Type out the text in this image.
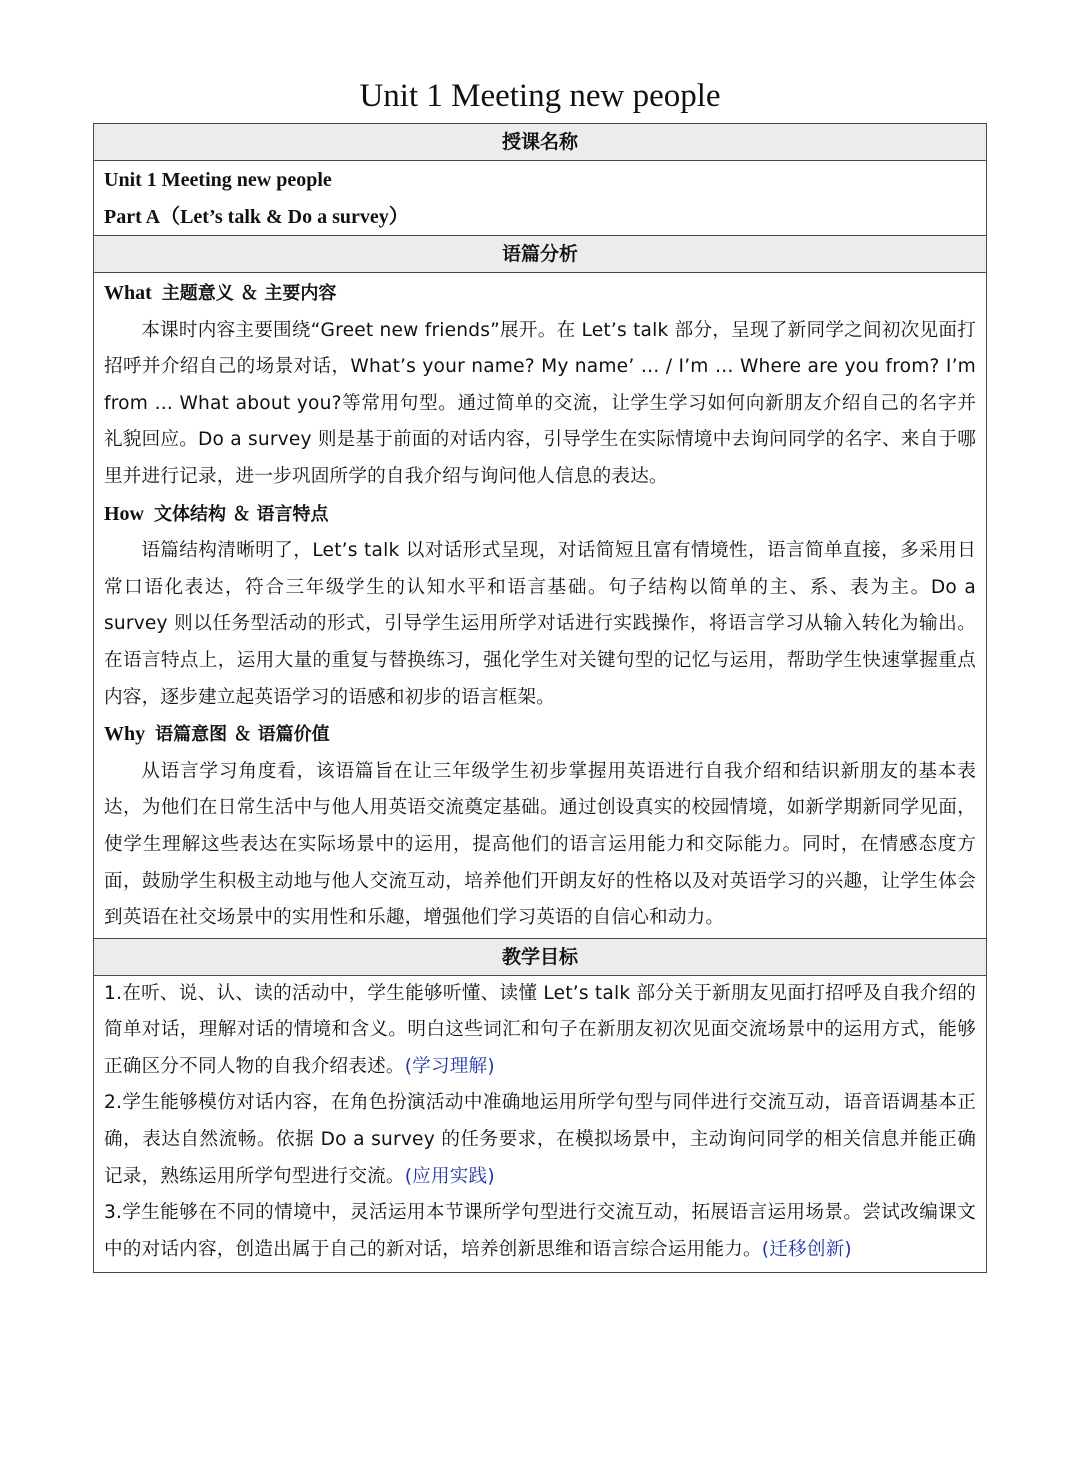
Unit 1 Meeting new people
授课名称
Unit 1 Meeting new people
Part A（Let’s talk & Do a survey）
语篇分析
What 主题意义 ＆ 主要内容
本课时内容主要围绕“Greet new friends”展开。在 Let’s talk 部分，呈现了新同学之间初次见面打招呼并介绍自己的场景对话，What’s your name? My name’ … / I’m … Where are you from? I’m from ... What about you?等常用句型。通过简单的交流，让学生学习如何向新朋友介绍自己的名字并礼貌回应。Do a survey 则是基于前面的对话内容，引导学生在实际情境中去询问同学的名字、来自于哪里并进行记录，进一步巩固所学的自我介绍与询问他人信息的表达。
How 文体结构 ＆ 语言特点
语篇结构清晰明了，Let’s talk 以对话形式呈现，对话简短且富有情境性，语言简单直接，多采用日常口语化表达，符合三年级学生的认知水平和语言基础。句子结构以简单的主、系、表为主。Do a survey 则以任务型活动的形式，引导学生运用所学对话进行实践操作，将语言学习从输入转化为输出。在语言特点上，运用大量的重复与替换练习，强化学生对关键句型的记忆与运用，帮助学生快速掌握重点内容，逐步建立起英语学习的语感和初步的语言框架。
Why 语篇意图 ＆ 语篇价值
从语言学习角度看，该语篇旨在让三年级学生初步掌握用英语进行自我介绍和结识新朋友的基本表达，为他们在日常生活中与他人用英语交流奠定基础。通过创设真实的校园情境，如新学期新同学见面，使学生理解这些表达在实际场景中的运用，提高他们的语言运用能力和交际能力。同时，在情感态度方面，鼓励学生积极主动地与他人交流互动，培养他们开朗友好的性格以及对英语学习的兴趣，让学生体会到英语在社交场景中的实用性和乐趣，增强他们学习英语的自信心和动力。
教学目标
1.在听、说、认、读的活动中，学生能够听懂、读懂 Let’s talk 部分关于新朋友见面打招呼及自我介绍的简单对话，理解对话的情境和含义。明白这些词汇和句子在新朋友初次见面交流场景中的运用方式，能够正确区分不同人物的自我介绍表述。(学习理解)
2.学生能够模仿对话内容，在角色扮演活动中准确地运用所学句型与同伴进行交流互动，语音语调基本正确，表达自然流畅。依据 Do a survey 的任务要求，在模拟场景中，主动询问同学的相关信息并能正确记录，熟练运用所学句型进行交流。(应用实践)
3.学生能够在不同的情境中，灵活运用本节课所学句型进行交流互动，拓展语言运用场景。尝试改编课文中的对话内容，创造出属于自己的新对话，培养创新思维和语言综合运用能力。(迁移创新)
